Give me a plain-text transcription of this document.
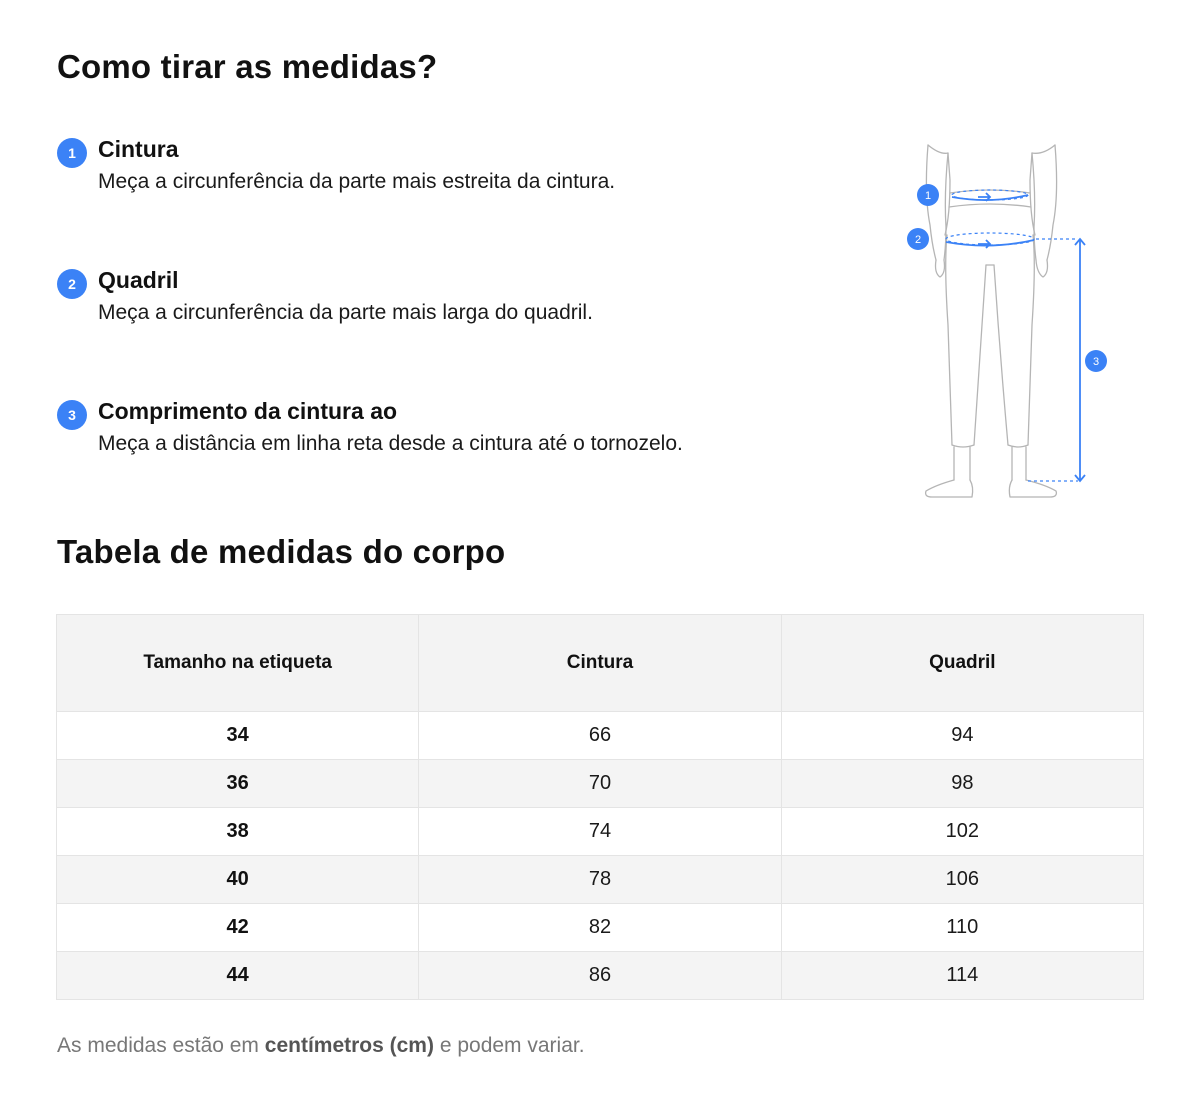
Como tirar as medidas?
1 Cintura
Meça a circunferência da parte mais estreita da cintura.
2 Quadril
Meça a circunferência da parte mais larga do quadril.
3 Comprimento da cintura ao
Meça a distância em linha reta desde a cintura até o tornozelo.
1
2
3
Tabela de medidas do corpo
Tamanho na etiqueta	Cintura	Quadril
34	66	94
36	70	98
38	74	102
40	78	106
42	82	110
44	86	114
As medidas estão em centímetros (cm) e podem variar.
